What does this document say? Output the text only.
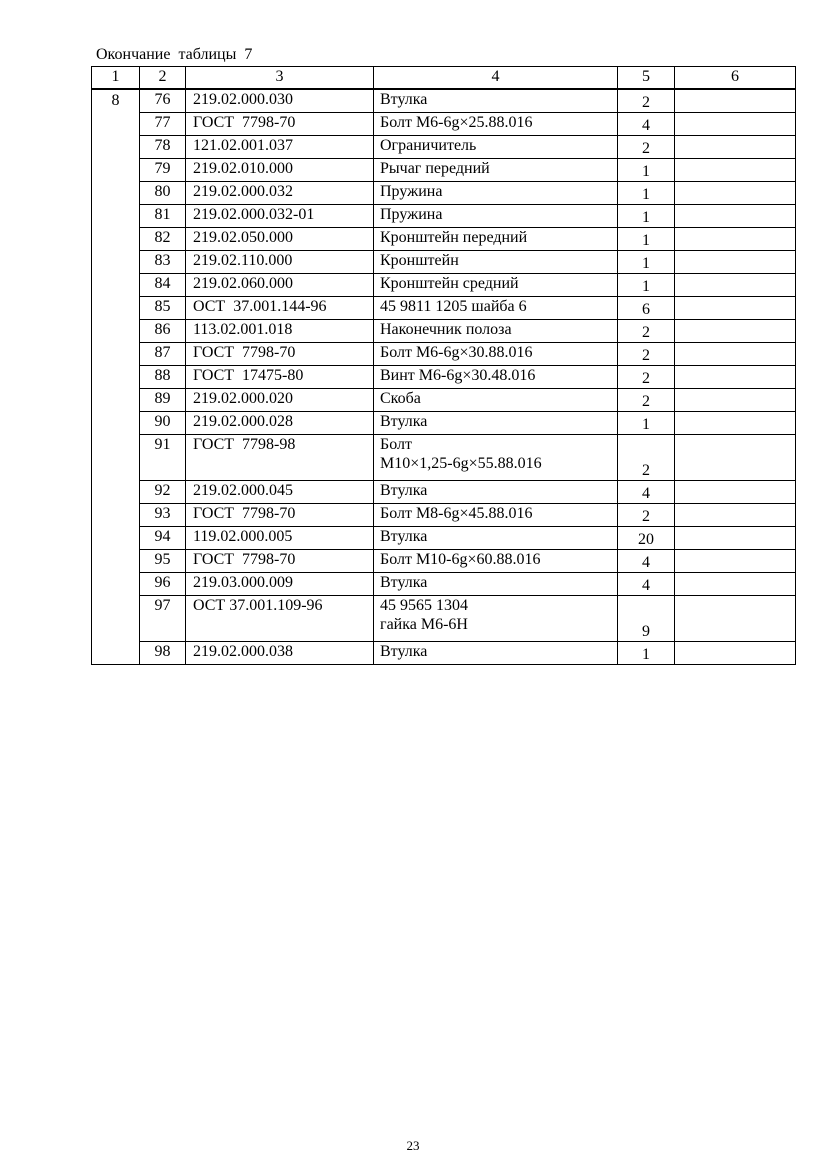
Окончание  таблицы  7
1	2	3	4	5	6
8	76	219.02.000.030	Втулка	2	
	77	ГОСТ  7798-70	Болт М6-6g×25.88.016	4	
	78	121.02.001.037	Ограничитель	2	
	79	219.02.010.000	Рычаг передний	1	
	80	219.02.000.032	Пружина	1	
	81	219.02.000.032-01	Пружина	1	
	82	219.02.050.000	Кронштейн передний	1	
	83	219.02.110.000	Кронштейн	1	
	84	219.02.060.000	Кронштейн средний	1	
	85	ОСТ  37.001.144-96	45 9811 1205 шайба 6	6	
	86	113.02.001.018	Наконечник полоза	2	
	87	ГОСТ  7798-70	Болт М6-6g×30.88.016	2	
	88	ГОСТ  17475-80	Винт М6-6g×30.48.016	2	
	89	219.02.000.020	Скоба	2	
	90	219.02.000.028	Втулка	1	
	91	ГОСТ  7798-98	Болт
М10×1,25-6g×55.88.016	2	
	92	219.02.000.045	Втулка	4	
	93	ГОСТ  7798-70	Болт М8-6g×45.88.016	2	
	94	119.02.000.005	Втулка	20	
	95	ГОСТ  7798-70	Болт М10-6g×60.88.016	4	
	96	219.03.000.009	Втулка	4	
	97	ОСТ 37.001.109-96	45 9565 1304
гайка М6-6Н	9	
	98	219.02.000.038	Втулка	1	
23
